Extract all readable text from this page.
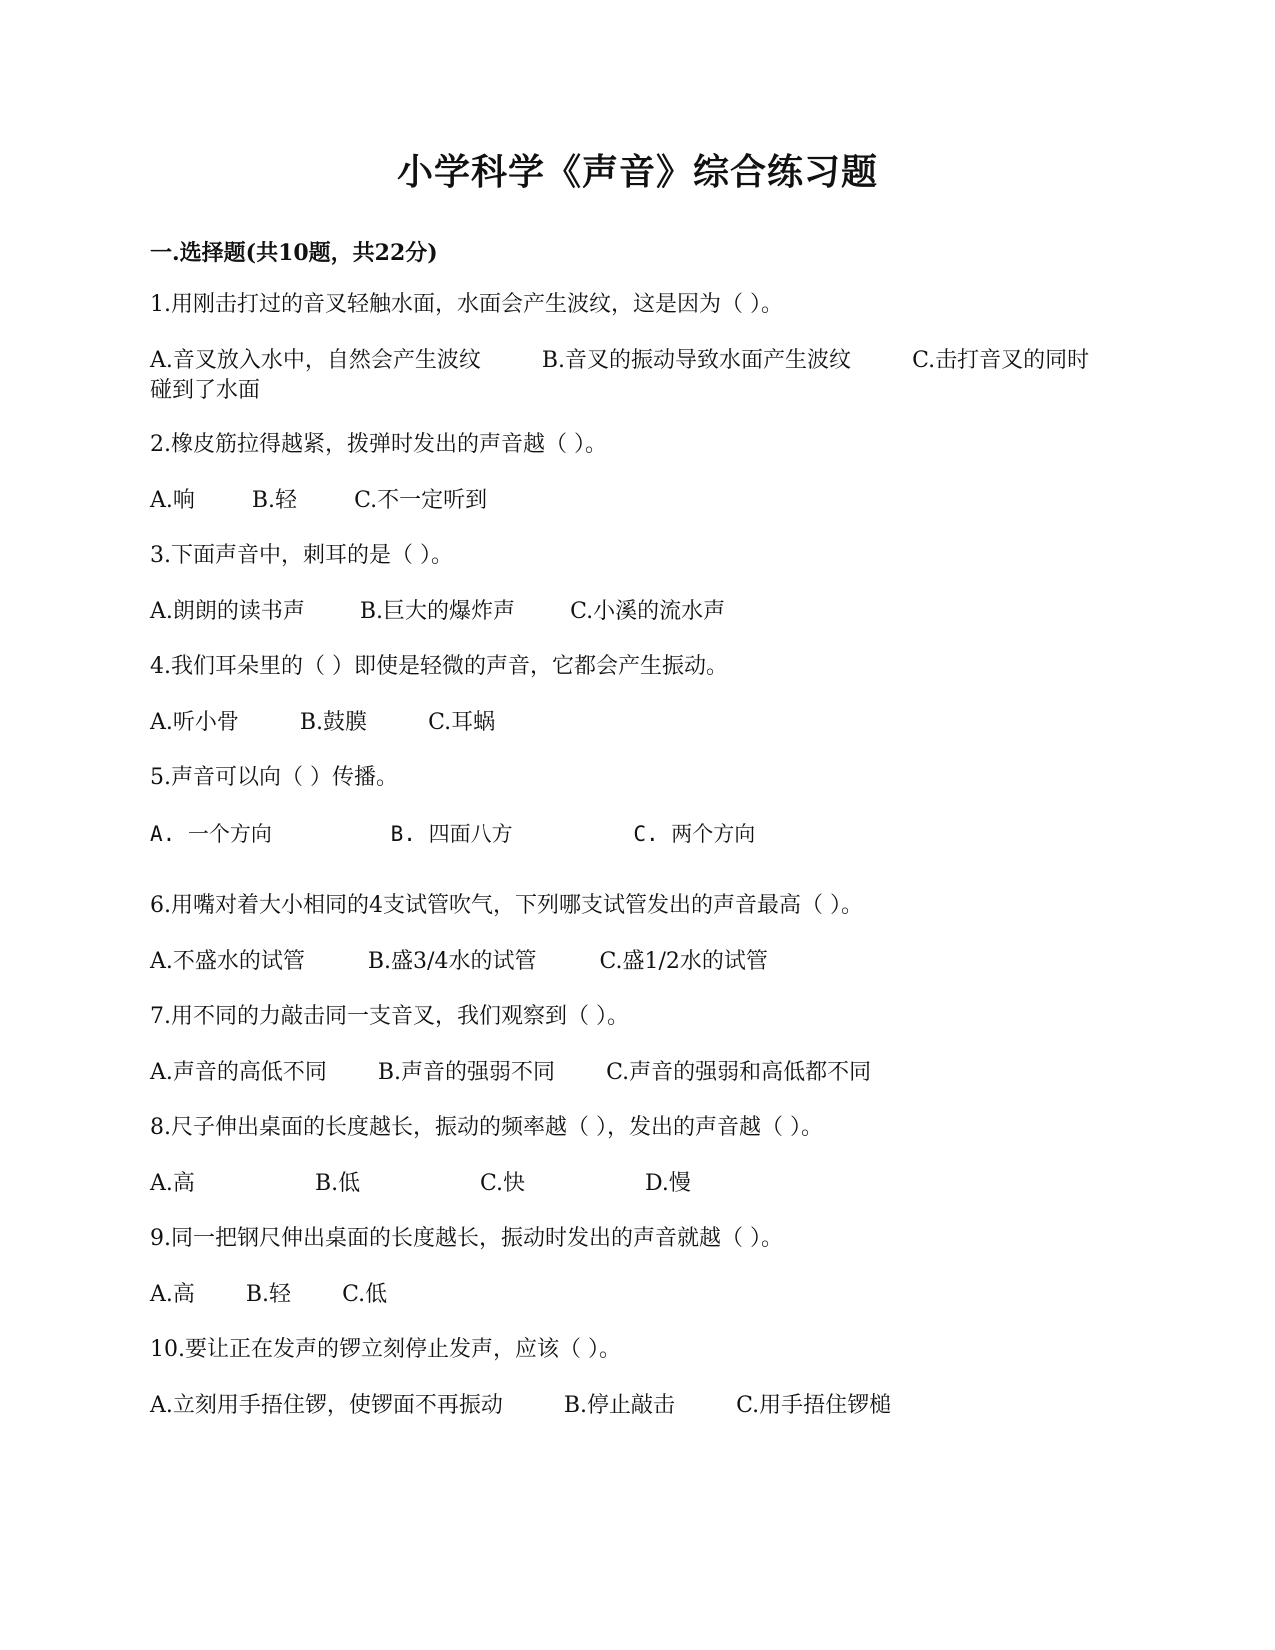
小学科学《声音》综合练习题
一.选择题(共10题，共22分)
1.用刚击打过的音叉轻触水面，水面会产生波纹，这是因为（ ）。
A.音叉放入水中，自然会产生波纹	B.音叉的振动导致水面产生波纹	C.击打音叉的同时碰到了水面
2.橡皮筋拉得越紧，拨弹时发出的声音越（ ）。
A.响	B.轻	C.不一定听到
3.下面声音中，刺耳的是（ ）。
A.朗朗的读书声	B.巨大的爆炸声	C.小溪的流水声
4.我们耳朵里的（ ）即使是轻微的声音，它都会产生振动。
A.听小骨	B.鼓膜	C.耳蜗
5.声音可以向（ ）传播。
A. 一个方向	B. 四面八方	C. 两个方向
6.用嘴对着大小相同的4支试管吹气，下列哪支试管发出的声音最高（ ）。
A.不盛水的试管	B.盛3/4水的试管	C.盛1/2水的试管
7.用不同的力敲击同一支音叉，我们观察到（ ）。
A.声音的高低不同 B.声音的强弱不同 C.声音的强弱和高低都不同
8.尺子伸出桌面的长度越长，振动的频率越（ ），发出的声音越（ ）。
A.高	B.低	C.快	D.慢
9.同一把钢尺伸出桌面的长度越长，振动时发出的声音就越（ ）。
A.高 B.轻 C.低
10.要让正在发声的锣立刻停止发声，应该（ ）。
A.立刻用手捂住锣，使锣面不再振动	B.停止敲击	C.用手捂住锣槌
